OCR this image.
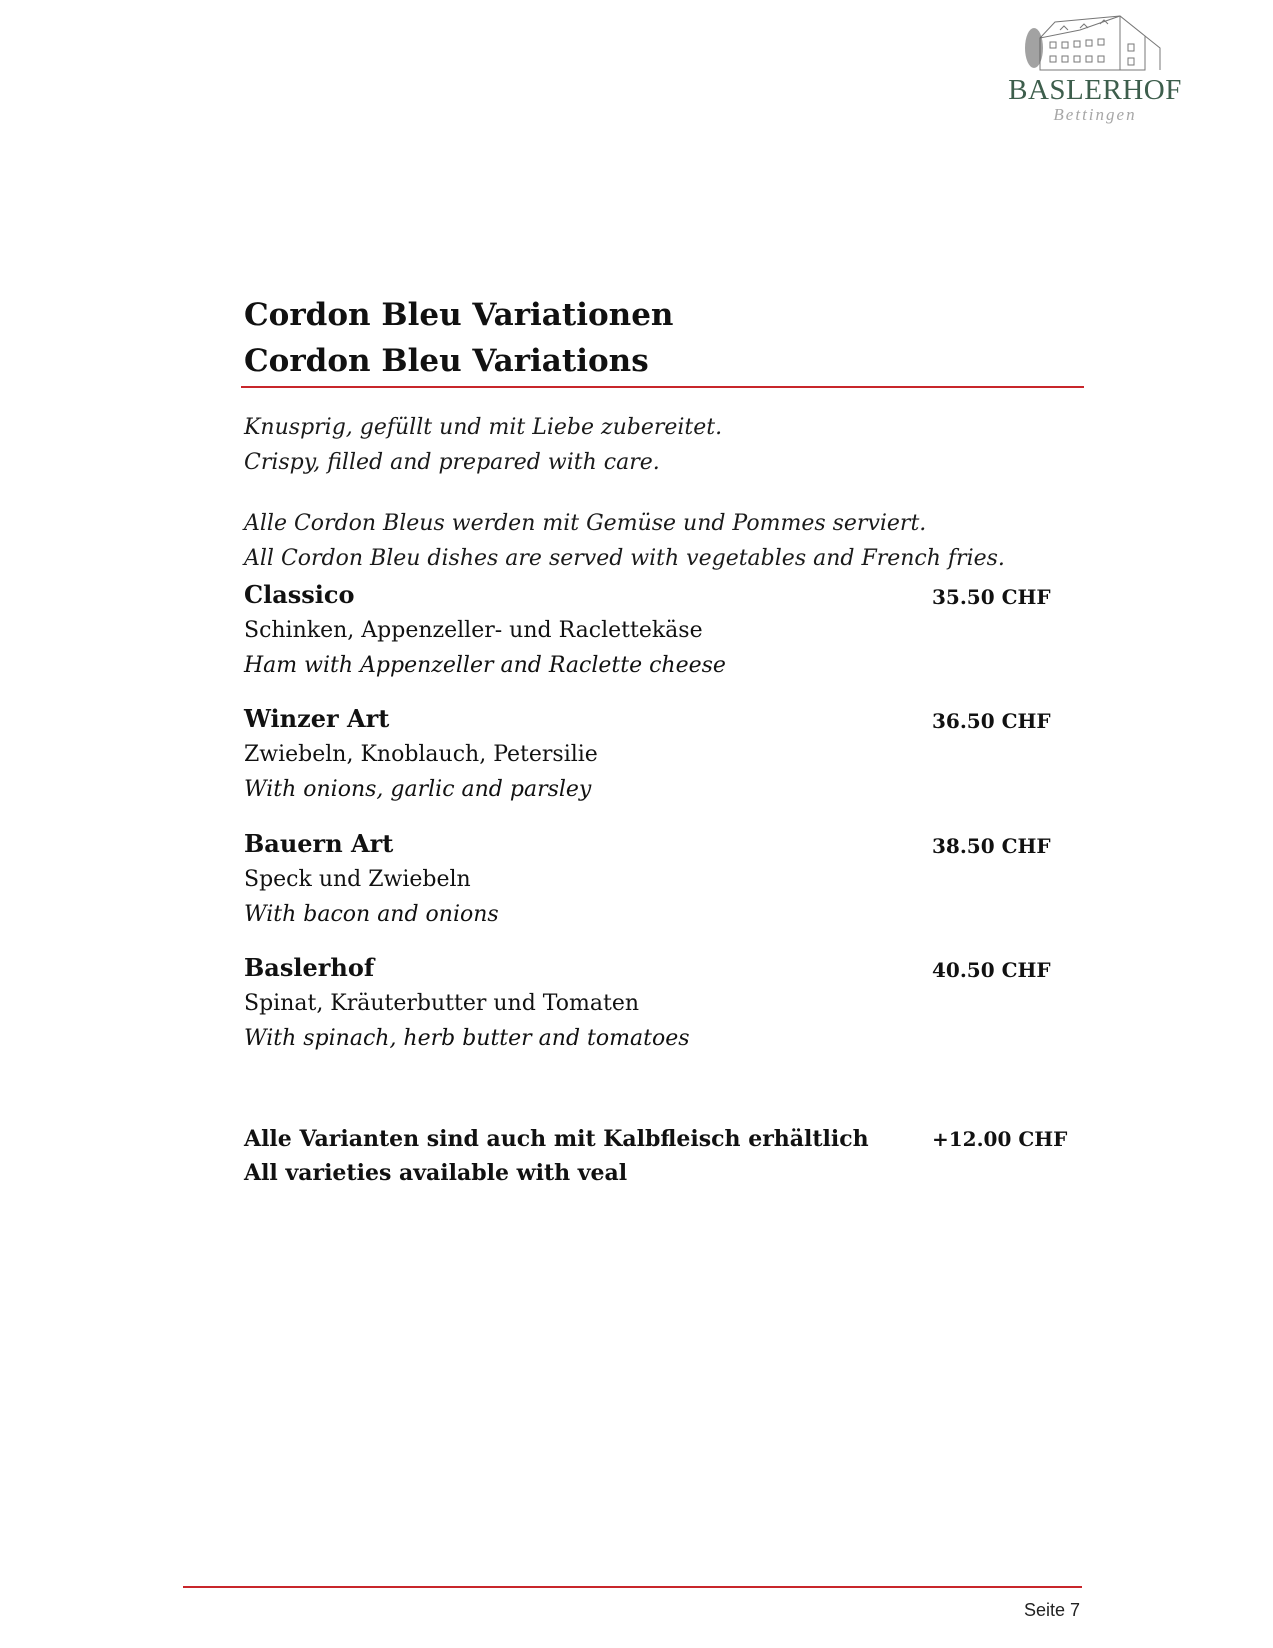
BASLERHOF
Bettingen
Cordon Bleu Variationen
Cordon Bleu Variations
Knusprig, gefüllt und mit Liebe zubereitet.
Crispy, filled and prepared with care.
Alle Cordon Bleus werden mit Gemüse und Pommes serviert.
All Cordon Bleu dishes are served with vegetables and French fries.
Classico
Schinken, Appenzeller- und Raclettekäse
Ham with Appenzeller and Raclette cheese
35.50 CHF
Winzer Art
Zwiebeln, Knoblauch, Petersilie
With onions, garlic and parsley
36.50 CHF
Bauern Art
Speck und Zwiebeln
With bacon and onions
38.50 CHF
Baslerhof
Spinat, Kräuterbutter und Tomaten
With spinach, herb butter and tomatoes
40.50 CHF
Alle Varianten sind auch mit Kalbfleisch erhältlich
All varieties available with veal
+12.00 CHF
Seite 7
